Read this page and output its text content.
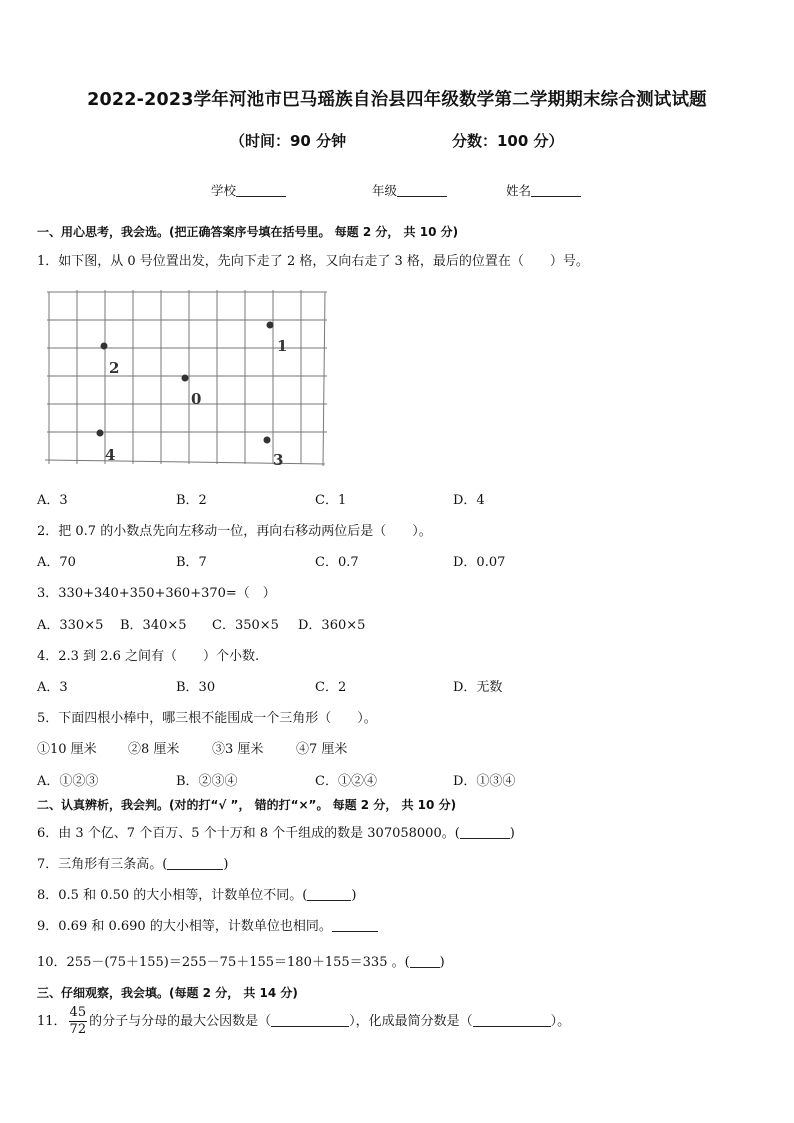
2022-2023学年河池市巴马瑶族自治县四年级数学第二学期期末综合测试试题
（时间：90 分钟	分数：100 分）
学校	年级	姓名
一、用心思考，我会选。(把正确答案序号填在括号里。 每题 2 分， 共 10 分)
1．如下图，从 0 号位置出发，先向下走了 2 格，又向右走了 3 格，最后的位置在（　　）号。
1
2
0
4	3
A．3	B．2	C．1	D．4
2．把 0.7 的小数点先向左移动一位，再向右移动两位后是（　　）。
A．70	B．7	C．0.7	D．0.07
3．330+340+350+360+370=（　）
A．330×5 B．340×5 C．350×5 D．360×5
4．2.3 到 2.6 之间有（　　）个小数.
A．3	B．30	C．2	D．无数
5．下面四根小棒中，哪三根不能围成一个三角形（　　）。
①10 厘米 ②8 厘米	③3 厘米	④7 厘米
A．①②③	B．②③④	C．①②④	D．①③④
二、认真辨析，我会判。(对的打“√ ”， 错的打“×”。 每题 2 分， 共 10 分)
6．由 3 个亿、7 个百万、5 个十万和 8 个千组成的数是 307058000。(	)
7．三角形有三条高。(	)
8．0.5 和 0.50 的大小相等，计数单位不同。(	)
9．0.69 和 0.690 的大小相等，计数单位也相同。
10．255－(75＋155)＝255－75＋155＝180＋155＝335 。( )
三、仔细观察，我会填。(每题 2 分， 共 14 分)
11． $\frac{45}{72}$ 的分子与分母的最大公因数是（	），化成最简分数是（	）。
